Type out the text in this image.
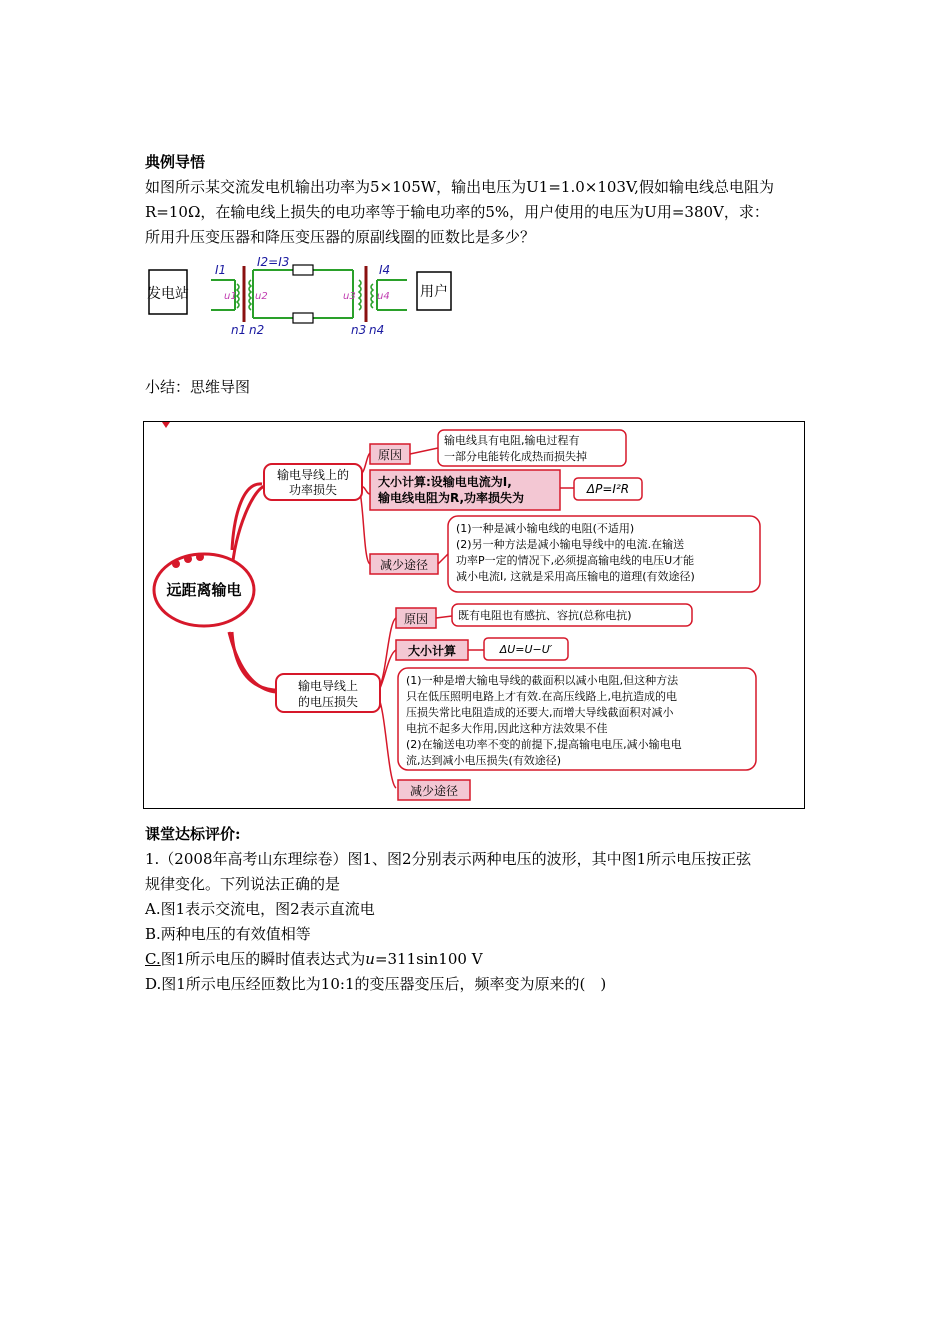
典例导悟
如图所示某交流发电机输出功率为5×105W，输出电压为U1=1.0×103V,假如输电线总电阻为
R=10Ω，在输电线上损失的电功率等于输电功率的5%，用户使用的电压为U用=380V，求：
所用升压变压器和降压变压器的原副线圈的匝数比是多少？
发电站	用户
I1
I2=I3
I4
n1 n2	n3 n4
u1 u2	u3 u4
小结：思维导图
远距离输电
输电导线上的
功率损失
原因
输电线具有电阻,输电过程有
一部分电能转化成热而损失掉
大小计算:设输电电流为I,
输电线电阻为R,功率损失为
ΔP=I²R
减少途径
(1)一种是减小输电线的电阻(不适用)
(2)另一种方法是减小输电导线中的电流.在输送
功率P一定的情况下,必须提高输电线的电压U才能
减小电流I, 这就是采用高压输电的道理(有效途径)
输电导线上
的电压损失
原因	既有电阻也有感抗、容抗(总称电抗)
大小计算	ΔU=U−U′
(1)一种是增大输电导线的截面积以减小电阻,但这种方法
只在低压照明电路上才有效.在高压线路上,电抗造成的电
压损失常比电阻造成的还要大,而增大导线截面积对减小
电抗不起多大作用,因此这种方法效果不佳
(2)在输送电功率不变的前提下,提高输电电压,减小输电电
流,达到减小电压损失(有效途径)
减少途径
课堂达标评价:
1.（2008年高考山东理综卷）图1、图2分别表示两种电压的波形，其中图1所示电压按正弦
规律变化。下列说法正确的是
A.图1表示交流电，图2表示直流电
B.两种电压的有效值相等
C.图1所示电压的瞬时值表达式为u=311sin100 V
D.图1所示电压经匝数比为10:1的变压器变压后，频率变为原来的(　)
